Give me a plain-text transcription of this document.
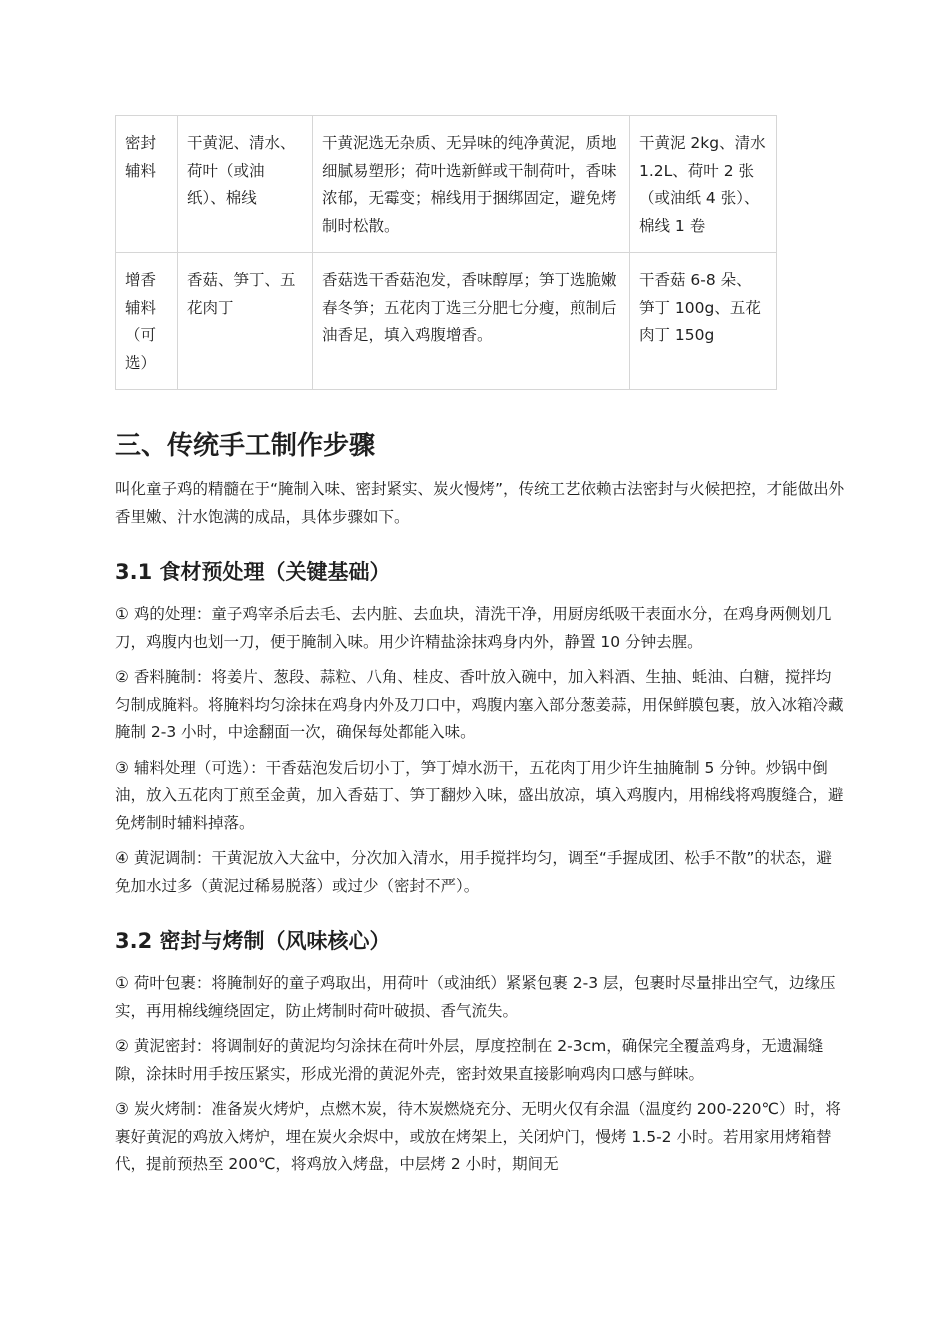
密封辅料	干黄泥、清水、荷叶（或油纸）、棉线	干黄泥选无杂质、无异味的纯净黄泥，质地细腻易塑形；荷叶选新鲜或干制荷叶，香味浓郁，无霉变；棉线用于捆绑固定，避免烤制时松散。	干黄泥 2kg、清水 1.2L、荷叶 2 张（或油纸 4 张）、棉线 1 卷
增香辅料（可选）	香菇、笋丁、五花肉丁	香菇选干香菇泡发，香味醇厚；笋丁选脆嫩春冬笋；五花肉丁选三分肥七分瘦，煎制后油香足，填入鸡腹增香。	干香菇 6-8 朵、笋丁 100g、五花肉丁 150g
三、传统手工制作步骤

叫化童子鸡的精髓在于“腌制入味、密封紧实、炭火慢烤”，传统工艺依赖古法密封与火候把控，才能做出外香里嫩、汁水饱满的成品，具体步骤如下。

3.1 食材预处理（关键基础）

① 鸡的处理：童子鸡宰杀后去毛、去内脏、去血块，清洗干净，用厨房纸吸干表面水分，在鸡身两侧划几刀，鸡腹内也划一刀，便于腌制入味。用少许精盐涂抹鸡身内外，静置 10 分钟去腥。

② 香料腌制：将姜片、葱段、蒜粒、八角、桂皮、香叶放入碗中，加入料酒、生抽、蚝油、白糖，搅拌均匀制成腌料。将腌料均匀涂抹在鸡身内外及刀口中，鸡腹内塞入部分葱姜蒜，用保鲜膜包裹，放入冰箱冷藏腌制 2-3 小时，中途翻面一次，确保每处都能入味。

③ 辅料处理（可选）：干香菇泡发后切小丁，笋丁焯水沥干，五花肉丁用少许生抽腌制 5 分钟。炒锅中倒油，放入五花肉丁煎至金黄，加入香菇丁、笋丁翻炒入味，盛出放凉，填入鸡腹内，用棉线将鸡腹缝合，避免烤制时辅料掉落。

④ 黄泥调制：干黄泥放入大盆中，分次加入清水，用手搅拌均匀，调至“手握成团、松手不散”的状态，避免加水过多（黄泥过稀易脱落）或过少（密封不严）。

3.2 密封与烤制（风味核心）

① 荷叶包裹：将腌制好的童子鸡取出，用荷叶（或油纸）紧紧包裹 2-3 层，包裹时尽量排出空气，边缘压实，再用棉线缠绕固定，防止烤制时荷叶破损、香气流失。

② 黄泥密封：将调制好的黄泥均匀涂抹在荷叶外层，厚度控制在 2-3cm，确保完全覆盖鸡身，无遗漏缝隙，涂抹时用手按压紧实，形成光滑的黄泥外壳，密封效果直接影响鸡肉口感与鲜味。

③ 炭火烤制：准备炭火烤炉，点燃木炭，待木炭燃烧充分、无明火仅有余温（温度约 200-220℃）时，将裹好黄泥的鸡放入烤炉，埋在炭火余烬中，或放在烤架上，关闭炉门，慢烤 1.5-2 小时。若用家用烤箱替代，提前预热至 200℃，将鸡放入烤盘，中层烤 2 小时，期间无
